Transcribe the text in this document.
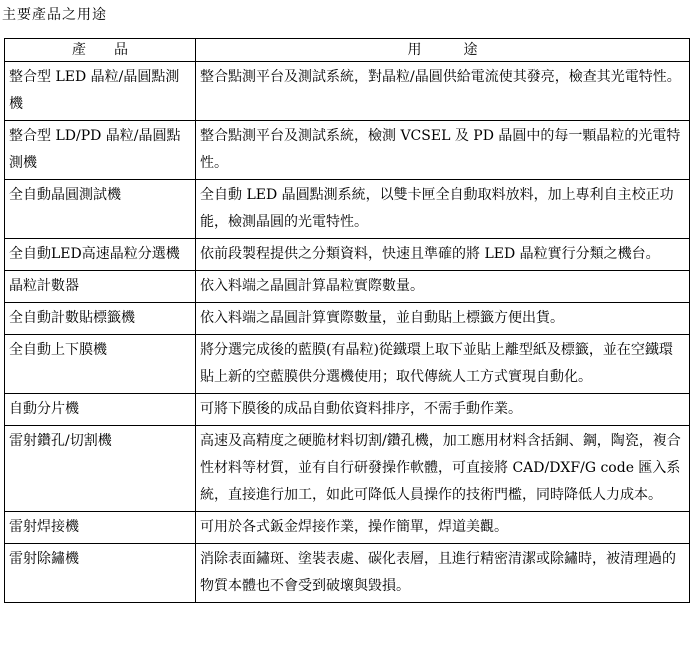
主要產品之用途
產　　品	用　　　途
整合型 LED 晶粒/晶圓點測機	整合點測平台及測試系統，對晶粒/晶圓供給電流使其發亮，檢查其光電特性。
整合型 LD/PD 晶粒/晶圓點測機	整合點測平台及測試系統，檢測 VCSEL 及 PD 晶圓中的每一顆晶粒的光電特性。
全自動晶圓測試機	全自動 LED 晶圓點測系統，以雙卡匣全自動取料放料，加上專利自主校正功能，檢測晶圓的光電特性。
全自動LED高速晶粒分選機	依前段製程提供之分類資料，快速且準確的將 LED 晶粒實行分類之機台。
晶粒計數器	依入料端之晶圓計算晶粒實際數量。
全自動計數貼標籤機	依入料端之晶圓計算實際數量，並自動貼上標籤方便出貨。
全自動上下膜機	將分選完成後的藍膜(有晶粒)從鐵環上取下並貼上離型紙及標籤，並在空鐵環貼上新的空藍膜供分選機使用；取代傳統人工方式實現自動化。
自動分片機	可將下膜後的成品自動依資料排序，不需手動作業。
雷射鑽孔/切割機	高速及高精度之硬脆材料切割/鑽孔機，加工應用材料含括銅、鋼，陶瓷，複合性材料等材質，並有自行研發操作軟體，可直接將 CAD/DXF/G code 匯入系統，直接進行加工，如此可降低人員操作的技術門檻，同時降低人力成本。
雷射焊接機	可用於各式鈑金焊接作業，操作簡單，焊道美觀。
雷射除鏽機	消除表面鏽斑、塗裝表處、碳化表層，且進行精密清潔或除鏽時，被清理過的物質本體也不會受到破壞與毀損。
